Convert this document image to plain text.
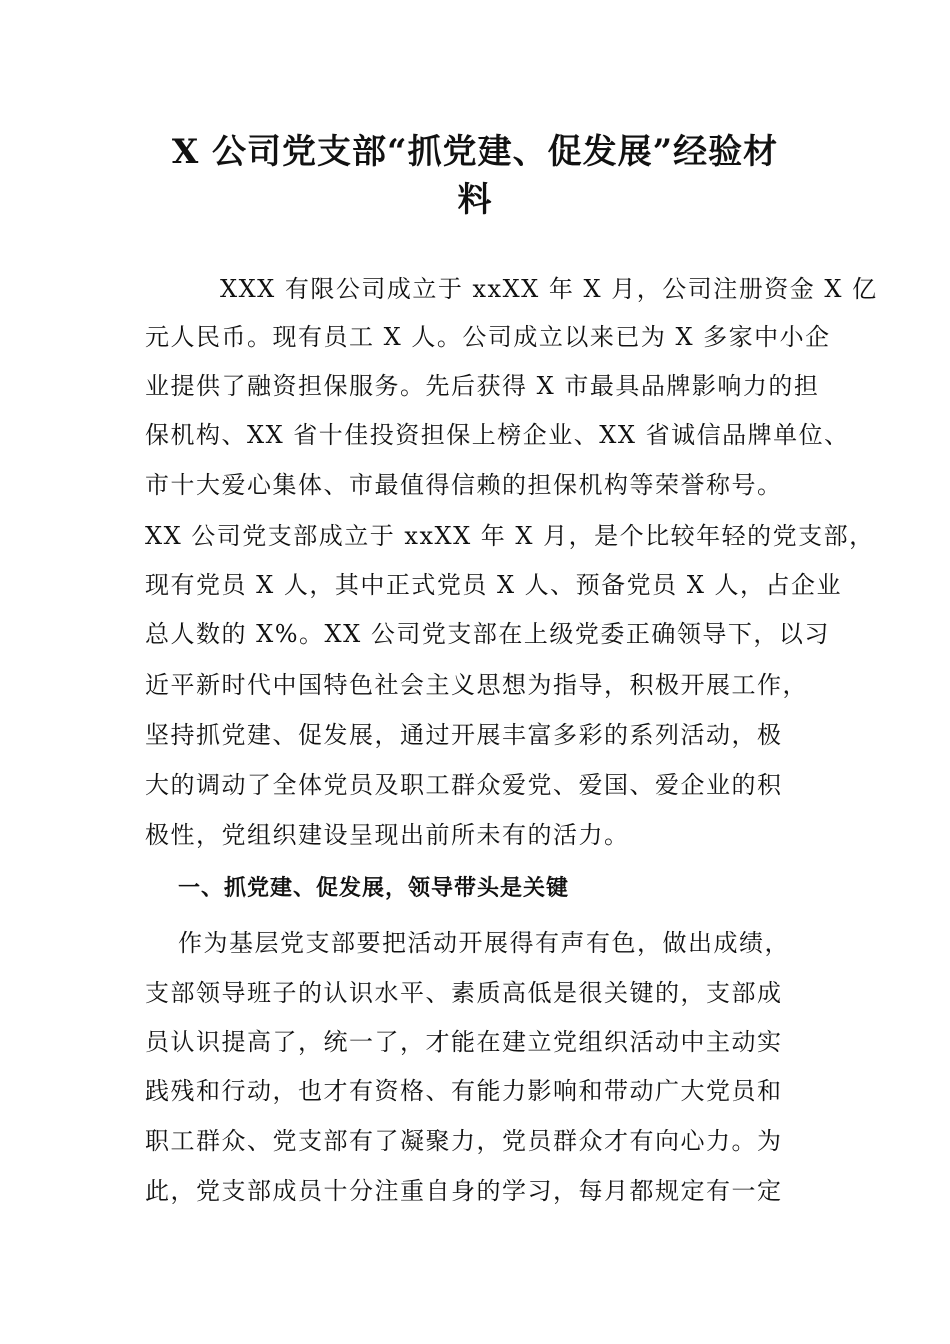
X 公司党支部“抓党建、促发展”经验材
料
XXX 有限公司成立于 xxXX 年 X 月，公司注册资金 X 亿
元人民币。现有员工 X 人。公司成立以来已为 X 多家中小企
业提供了融资担保服务。先后获得 X 市最具品牌影响力的担
保机构、XX 省十佳投资担保上榜企业、XX 省诚信品牌单位、
市十大爱心集体、市最值得信赖的担保机构等荣誉称号。
XX 公司党支部成立于 xxXX 年 X 月，是个比较年轻的党支部，
现有党员 X 人，其中正式党员 X 人、预备党员 X 人，占企业
总人数的 X%。XX 公司党支部在上级党委正确领导下，以习
近平新时代中国特色社会主义思想为指导，积极开展工作，
坚持抓党建、促发展，通过开展丰富多彩的系列活动，极
大的调动了全体党员及职工群众爱党、爱国、爱企业的积
极性，党组织建设呈现出前所未有的活力。
一、抓党建、促发展，领导带头是关键
作为基层党支部要把活动开展得有声有色，做出成绩，
支部领导班子的认识水平、素质高低是很关键的，支部成
员认识提高了，统一了，才能在建立党组织活动中主动实
践残和行动，也才有资格、有能力影响和带动广大党员和
职工群众、党支部有了凝聚力，党员群众才有向心力。为
此，党支部成员十分注重自身的学习，每月都规定有一定
